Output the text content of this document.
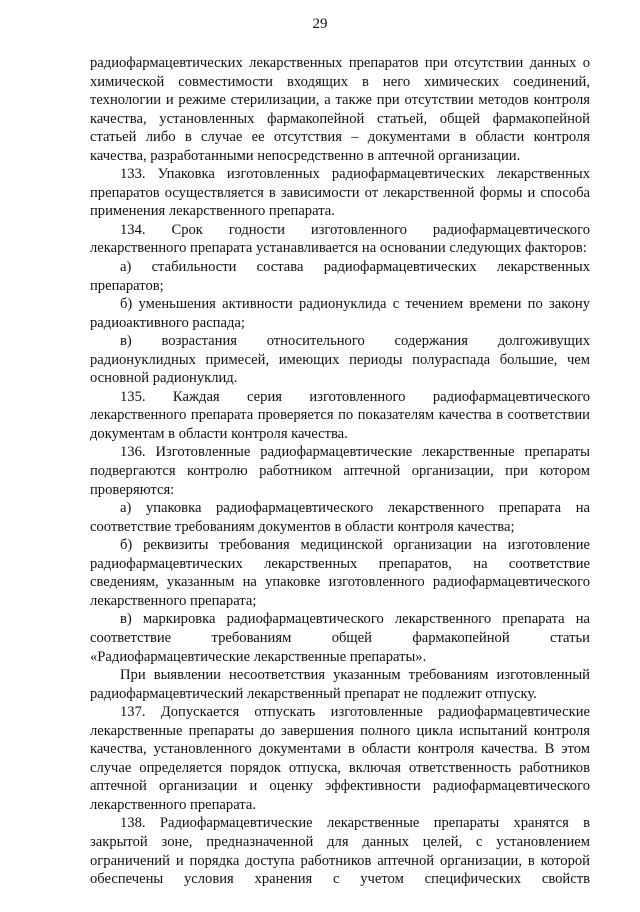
29

радиофармацевтических лекарственных препаратов при отсутствии данных о химической совместимости входящих в него химических соединений, технологии и режиме стерилизации, а также при отсутствии методов контроля качества, установленных фармакопейной статьей, общей фармакопейной статьей либо в случае ее отсутствия – документами в области контроля качества, разработанными непосредственно в аптечной организации.

133. Упаковка изготовленных радиофармацевтических лекарственных препаратов осуществляется в зависимости от лекарственной формы и способа применения лекарственного препарата.

134. Срок годности изготовленного радиофармацевтического лекарственного препарата устанавливается на основании следующих факторов:

а) стабильности состава радиофармацевтических лекарственных препаратов;

б) уменьшения активности радионуклида с течением времени по закону радиоактивного распада;

в) возрастания относительного содержания долгоживущих радионуклидных примесей, имеющих периоды полураспада большие, чем основной радионуклид.

135. Каждая серия изготовленного радиофармацевтического лекарственного препарата проверяется по показателям качества в соответствии документам в области контроля качества.

136. Изготовленные радиофармацевтические лекарственные препараты подвергаются контролю работником аптечной организации, при котором проверяются:

а) упаковка радиофармацевтического лекарственного препарата на соответствие требованиям документов в области контроля качества;

б) реквизиты требования медицинской организации на изготовление радиофармацевтических лекарственных препаратов, на соответствие сведениям, указанным на упаковке изготовленного радиофармацевтического лекарственного препарата;

в) маркировка радиофармацевтического лекарственного препарата на соответствие требованиям общей фармакопейной статьи «Радиофармацевтические лекарственные препараты».

При выявлении несоответствия указанным требованиям изготовленный радиофармацевтический лекарственный препарат не подлежит отпуску.

137. Допускается отпускать изготовленные радиофармацевтические лекарственные препараты до завершения полного цикла испытаний контроля качества, установленного документами в области контроля качества. В этом случае определяется порядок отпуска, включая ответственность работников аптечной организации и оценку эффективности радиофармацевтического лекарственного препарата.

138. Радиофармацевтические лекарственные препараты хранятся в закрытой зоне, предназначенной для данных целей, с установлением ограничений и порядка доступа работников аптечной организации, в которой обеспечены условия хранения с учетом специфических свойств
